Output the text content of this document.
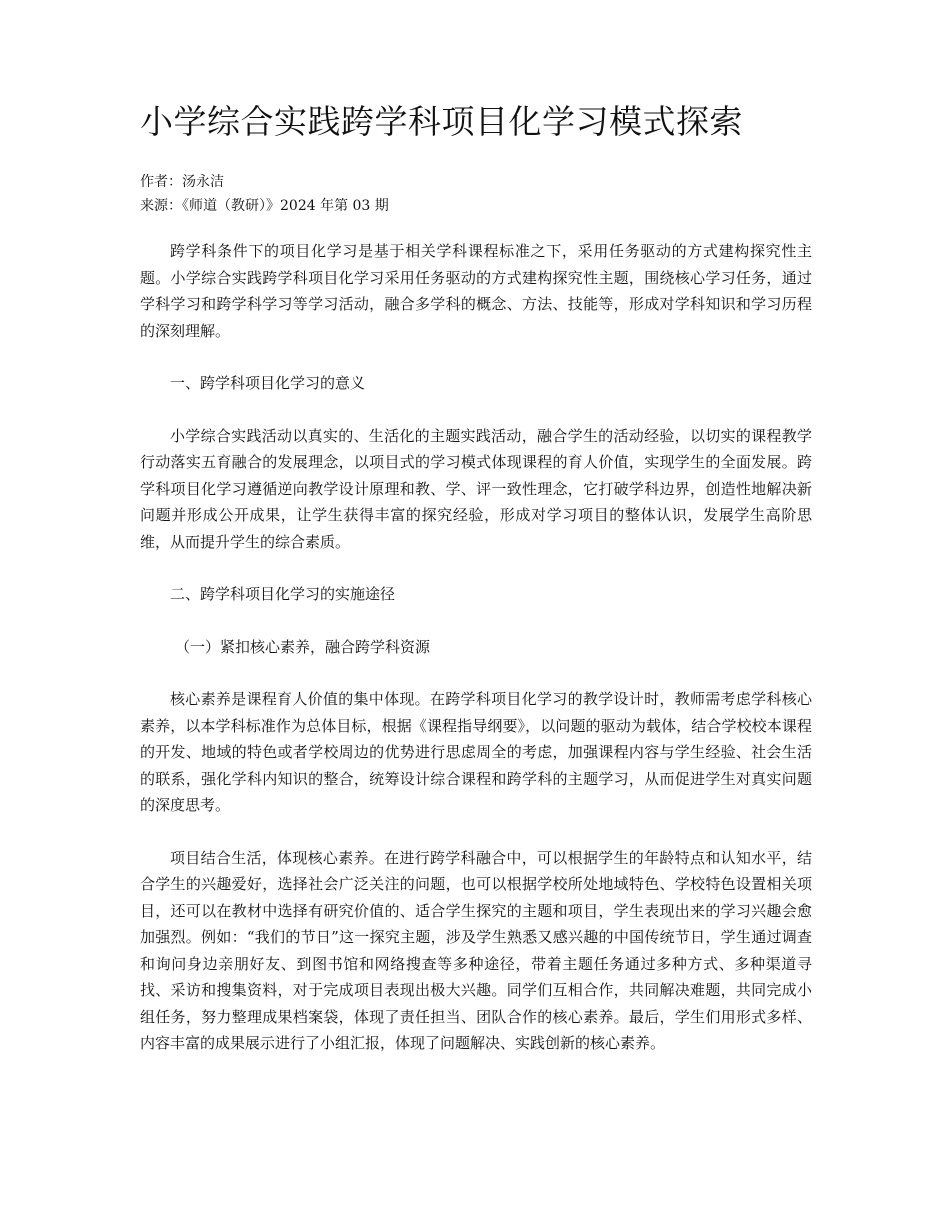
小学综合实践跨学科项目化学习模式探索

作者：汤永洁

来源：《师道（教研）》2024 年第 03 期

跨学科条件下的项目化学习是基于相关学科课程标准之下，采用任务驱动的方式建构探究性主题。小学综合实践跨学科项目化学习采用任务驱动的方式建构探究性主题，围绕核心学习任务，通过学科学习和跨学科学习等学习活动，融合多学科的概念、方法、技能等，形成对学科知识和学习历程的深刻理解。

一、跨学科项目化学习的意义

小学综合实践活动以真实的、生活化的主题实践活动，融合学生的活动经验，以切实的课程教学行动落实五育融合的发展理念，以项目式的学习模式体现课程的育人价值，实现学生的全面发展。跨学科项目化学习遵循逆向教学设计原理和教、学、评一致性理念，它打破学科边界，创造性地解决新问题并形成公开成果，让学生获得丰富的探究经验，形成对学习项目的整体认识，发展学生高阶思维，从而提升学生的综合素质。

二、跨学科项目化学习的实施途径

（一）紧扣核心素养，融合跨学科资源

核心素养是课程育人价值的集中体现。在跨学科项目化学习的教学设计时，教师需考虑学科核心素养，以本学科标准作为总体目标，根据《课程指导纲要》，以问题的驱动为载体，结合学校校本课程的开发、地域的特色或者学校周边的优势进行思虑周全的考虑，加强课程内容与学生经验、社会生活的联系，强化学科内知识的整合，统筹设计综合课程和跨学科的主题学习，从而促进学生对真实问题的深度思考。

项目结合生活，体现核心素养。在进行跨学科融合中，可以根据学生的年龄特点和认知水平，结合学生的兴趣爱好，选择社会广泛关注的问题，也可以根据学校所处地域特色、学校特色设置相关项目，还可以在教材中选择有研究价值的、适合学生探究的主题和项目，学生表现出来的学习兴趣会愈加强烈。例如：“我们的节日”这一探究主题，涉及学生熟悉又感兴趣的中国传统节日，学生通过调查和询问身边亲朋好友、到图书馆和网络搜查等多种途径，带着主题任务通过多种方式、多种渠道寻找、采访和搜集资料，对于完成项目表现出极大兴趣。同学们互相合作，共同解决难题，共同完成小组任务，努力整理成果档案袋，体现了责任担当、团队合作的核心素养。最后，学生们用形式多样、内容丰富的成果展示进行了小组汇报，体现了问题解决、实践创新的核心素养。
